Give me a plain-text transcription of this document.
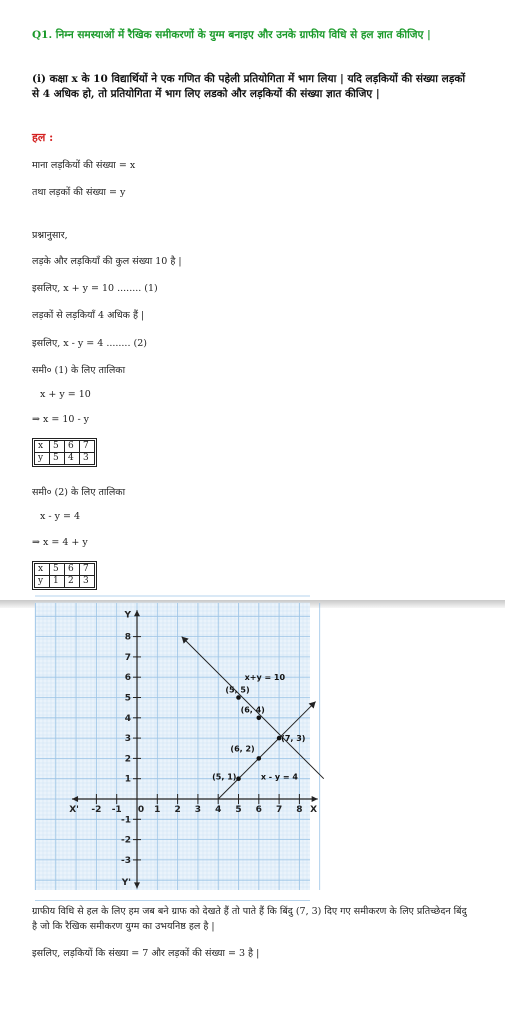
Q1. निम्न समस्याओं में रैखिक समीकरणों के युग्म बनाइए और उनके ग्राफीय विधि से हल ज्ञात कीजिए |
(i) कक्षा x के 10 विद्यार्थियों ने एक गणित की पहेली प्रतियोगिता में भाग लिया | यदि लड़कियों की संख्या लड़कों से 4 अधिक हो, तो प्रतियोगिता में भाग लिए लडको और लड़कियों की संख्या ज्ञात कीजिए |
हल :
माना लड़कियों की संख्या = x
तथा लड़कों की संख्या = y
प्रश्नानुसार,
लड़के और लड़कियाँ की कुल संख्या 10 है |
इसलिए, x + y = 10 ........ (1)
लड़कों से लड़कियाँ 4 अधिक हैं |
इसलिए, x - y = 4 ........ (2)
समी० (1) के लिए तालिका
x + y = 10
⇒ x = 10 - y
x	5	6	7
y	5	4	3
समी० (2) के लिए तालिका
x - y = 4
⇒ x = 4 + y
x	5	6	7
y	1	2	3
X' -2 -1 0 1 2 3 4 5 6 7 8 X
Y
8
7
6
5
4
3
2
1
-1
-2
-3
Y'
x+y = 10
x - y = 4
(5, 5)
(6, 4)
(7, 3)
(6, 2)
(5, 1)
ग्राफीय विधि से हल के लिए हम जब बने ग्राफ को देखते हैं तो पाते हैं कि बिंदु (7, 3) दिए गए समीकरण के लिए प्रतिच्छेदन बिंदु है जो कि रैखिक समीकरण युग्म का उभयनिष्ठ हल है |
इसलिए, लड़कियों कि संख्या = 7 और लड़कों की संख्या = 3 है |
